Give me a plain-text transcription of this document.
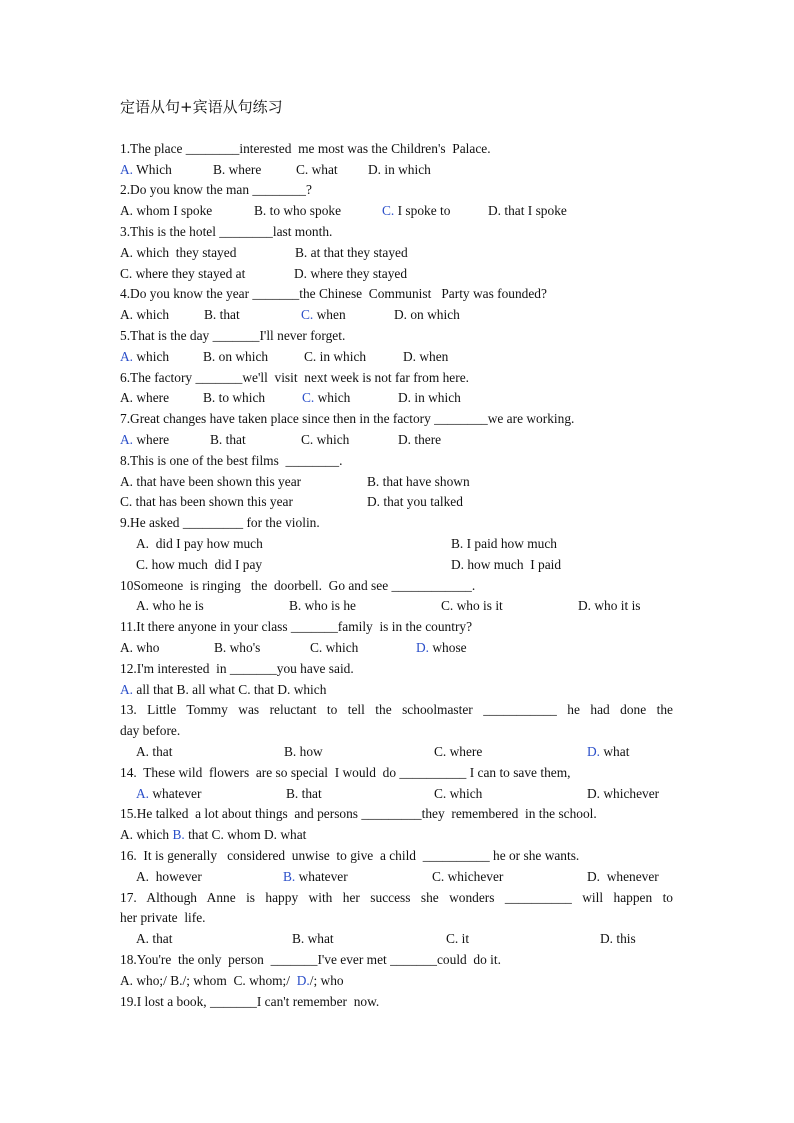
定语从句+宾语从句练习
1.The place ________interested  me most was the Children's  Palace.
A. Which	B. where	C. what D. in which
2.Do you know the man ________?
A. whom I spoke	B. to who spoke	C. I spoke to	D. that I spoke
3.This is the hotel ________last month.
A. which  they stayed	B. at that they stayed
C. where they stayed at	D. where they stayed
4.Do you know the year _______the Chinese  Communist   Party was founded?
A. which	B. that	C. when	D. on which
5.That is the day _______I'll never forget.
A. which	B. on which	C. in which	D. when
6.The factory _______we'll  visit  next week is not far from here.
A. where	B. to which	C. which	D. in which
7.Great changes have taken place since then in the factory ________we are working.
A. where	B. that	C. which	D. there
8.This is one of the best films  ________.
A. that have been shown this year	B. that have shown
C. that has been shown this year	D. that you talked
9.He asked _________ for the violin.
A.  did I pay how much	B. I paid how much
C. how much  did I pay	D. how much  I paid
10Someone  is ringing   the  doorbell.  Go and see ____________.
A. who he is	B. who is he	C. who is it	D. who it is
11.It there anyone in your class _______family  is in the country?
A. who	B. who's	C. which	D. whose
12.I'm interested  in _______you have said.
A. all that B. all what C. that D. which
13. Little Tommy was reluctant to tell the schoolmaster ___________ he had done the
day before.
A. that	B. how	C. where	D. what
14.  These wild  flowers  are so special  I would  do __________ I can to save them,
A. whatever	B. that	C. which	D. whichever
15.He talked  a lot about things  and persons _________they  remembered  in the school.
A. which B. that C. whom D. what
16.  It is generally   considered  unwise  to give  a child  __________ he or she wants.
A.  however	B. whatever	C. whichever	D.  whenever
17. Although Anne is happy with her success she wonders __________ will happen to
her private  life.
A. that	B. what	C. it	D. this
18.You're  the only  person  _______I've ever met _______could  do it.
A. who;/ B./; whom  C. whom;/  D./; who
19.I lost a book, _______I can't remember  now.
